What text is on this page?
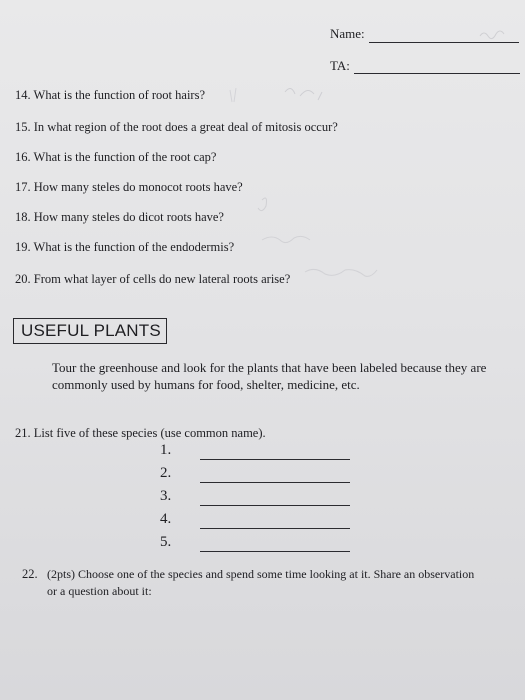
Name:
TA:
14. What is the function of root hairs?
15. In what region of the root does a great deal of mitosis occur?
16. What is the function of the root cap?
17. How many steles do monocot roots have?
18. How many steles do dicot roots have?
19. What is the function of the endodermis?
20. From what layer of cells do new lateral roots arise?
USEFUL PLANTS
Tour the greenhouse and look for the plants that have been labeled because they are commonly used by humans for food, shelter, medicine, etc.
21. List five of these species (use common name).
1.
2.
3.
4.
5.
22. (2pts) Choose one of the species and spend some time looking at it. Share an observation
or a question about it:
